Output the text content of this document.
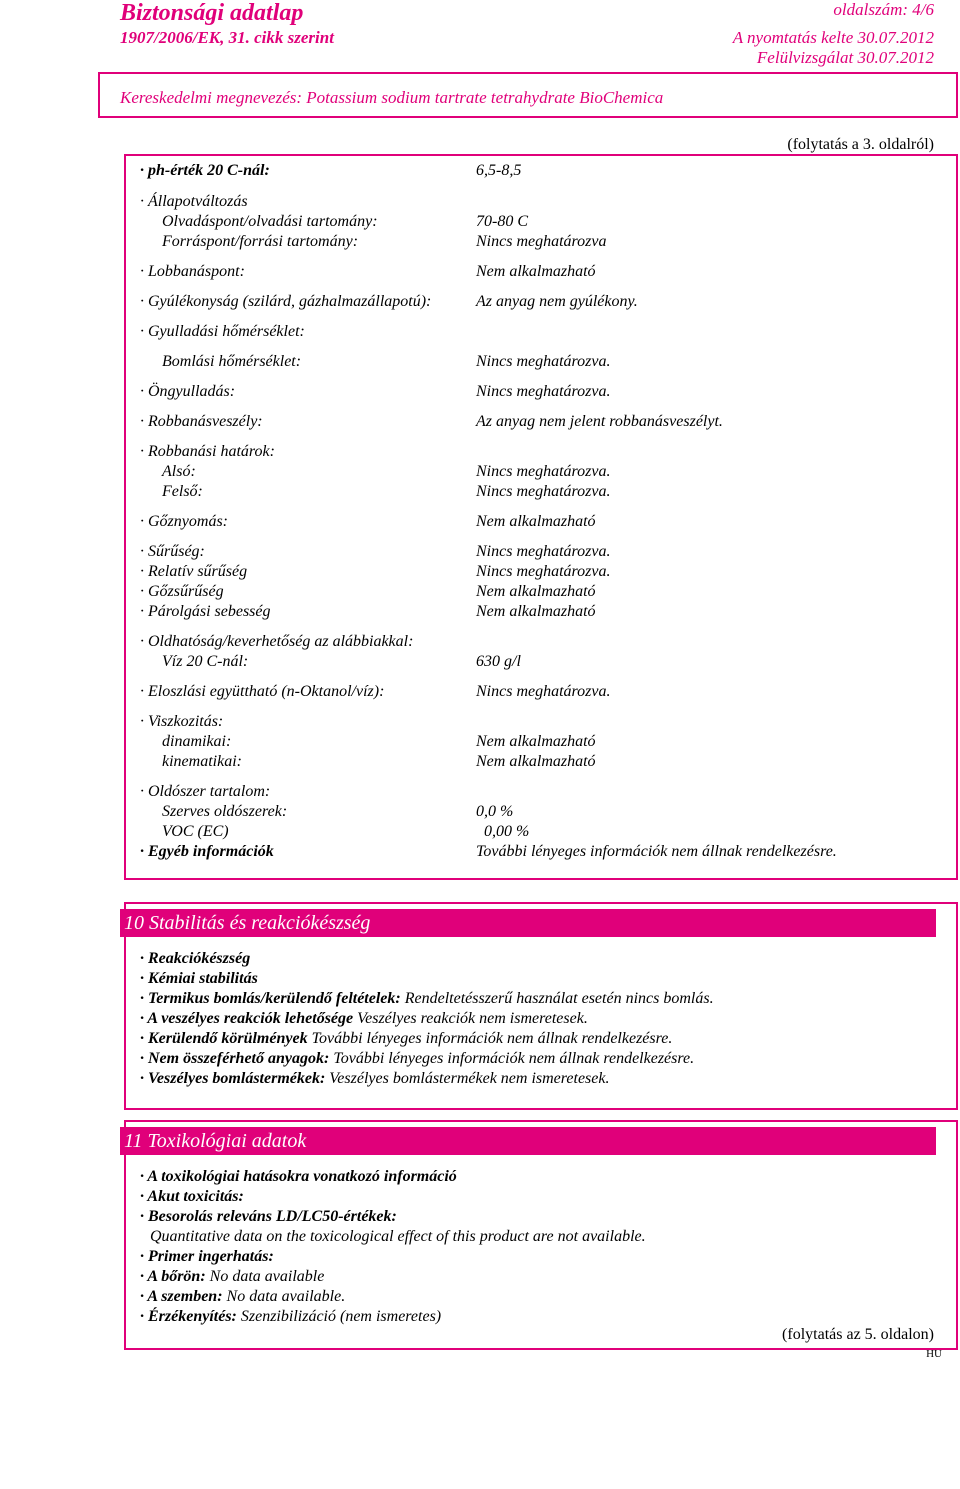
Biztonsági adatlap
1907/2006/EK, 31. cikk szerint
oldalszám: 4/6
A nyomtatás kelte 30.07.2012
Felülvizsgálat 30.07.2012
Kereskedelmi megnevezés: Potassium sodium tartrate tetrahydrate BioChemica
(folytatás a 3. oldalról)
· ph-érték 20 C-nál:	6,5-8,5
· Állapotváltozás
Olvadáspont/olvadási tartomány:	70-80 C
Forráspont/forrási tartomány:	Nincs meghatározva
· Lobbanáspont:	Nem alkalmazható
· Gyúlékonyság (szilárd, gázhalmazállapotú):	Az anyag nem gyúlékony.
· Gyulladási hőmérséklet:
Bomlási hőmérséklet:	Nincs meghatározva.
· Öngyulladás:	Nincs meghatározva.
· Robbanásveszély:	Az anyag nem jelent robbanásveszélyt.
· Robbanási határok:
Alsó:	Nincs meghatározva.
Felső:	Nincs meghatározva.
· Gőznyomás:	Nem alkalmazható
· Sűrűség:	Nincs meghatározva.
· Relatív sűrűség	Nincs meghatározva.
· Gőzsűrűség	Nem alkalmazható
· Párolgási sebesség	Nem alkalmazható
· Oldhatóság/keverhetőség az alábbiakkal:
Víz 20 C-nál:	630 g/l
· Eloszlási együttható (n-Oktanol/víz):	Nincs meghatározva.
· Viszkozitás:
dinamikai:	Nem alkalmazható
kinematikai:	Nem alkalmazható
· Oldószer tartalom:
Szerves oldószerek:	0,0 %
VOC (EC)	0,00 %
· Egyéb információk	További lényeges információk nem állnak rendelkezésre.
10 Stabilitás és reakciókészség
· Reakciókészség
· Kémiai stabilitás
· Termikus bomlás/kerülendő feltételek: Rendeltetésszerű használat esetén nincs bomlás.
· A veszélyes reakciók lehetősége Veszélyes reakciók nem ismeretesek.
· Kerülendő körülmények További lényeges információk nem állnak rendelkezésre.
· Nem összeférhető anyagok: További lényeges információk nem állnak rendelkezésre.
· Veszélyes bomlástermékek: Veszélyes bomlástermékek nem ismeretesek.
11 Toxikológiai adatok
· A toxikológiai hatásokra vonatkozó információ
· Akut toxicitás:
· Besorolás releváns LD/LC50-értékek:
Quantitative data on the toxicological effect of this product are not available.
· Primer ingerhatás:
· A bőrön: No data available
· A szemben: No data available.
· Érzékenyítés: Szenzibilizáció (nem ismeretes)
(folytatás az 5. oldalon)
HU
